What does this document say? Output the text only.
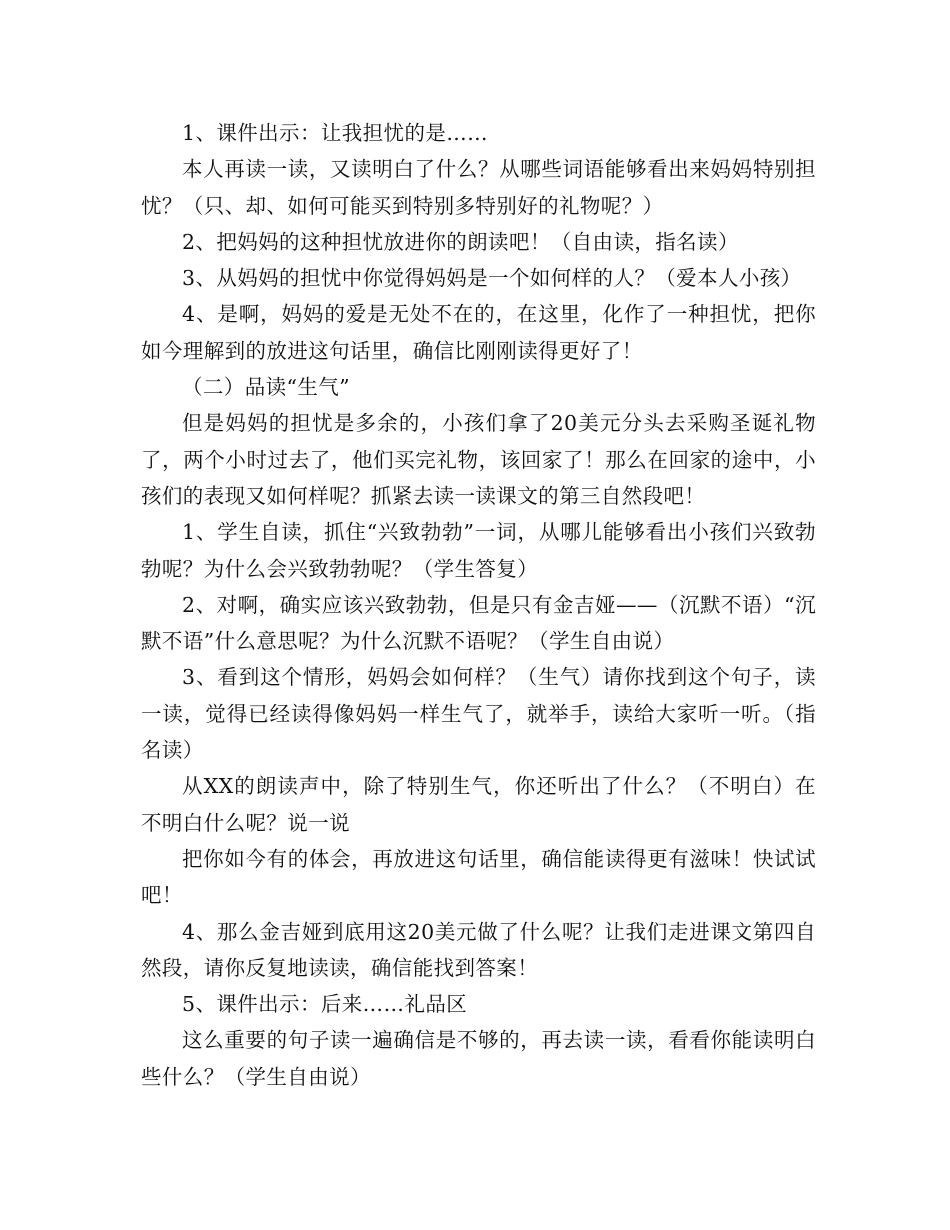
1、课件出示：让我担忧的是……

本人再读一读，又读明白了什么？从哪些词语能够看出来妈妈特别担忧？（只、却、如何可能买到特别多特别好的礼物呢？）

2、把妈妈的这种担忧放进你的朗读吧！（自由读，指名读）

3、从妈妈的担忧中你觉得妈妈是一个如何样的人？（爱本人小孩）

4、是啊，妈妈的爱是无处不在的，在这里，化作了一种担忧，把你如今理解到的放进这句话里，确信比刚刚读得更好了！

（二）品读“生气”

但是妈妈的担忧是多余的，小孩们拿了20美元分头去采购圣诞礼物了，两个小时过去了，他们买完礼物，该回家了！那么在回家的途中，小孩们的表现又如何样呢？抓紧去读一读课文的第三自然段吧！

1、学生自读，抓住“兴致勃勃”一词，从哪儿能够看出小孩们兴致勃勃呢？为什么会兴致勃勃呢？（学生答复）

2、对啊，确实应该兴致勃勃，但是只有金吉娅——（沉默不语）“沉默不语”什么意思呢？为什么沉默不语呢？（学生自由说）

3、看到这个情形，妈妈会如何样？（生气）请你找到这个句子，读一读，觉得已经读得像妈妈一样生气了，就举手，读给大家听一听。（指名读）

从XX的朗读声中，除了特别生气，你还听出了什么？（不明白）在不明白什么呢？说一说

把你如今有的体会，再放进这句话里，确信能读得更有滋味！快试试吧！

4、那么金吉娅到底用这20美元做了什么呢？让我们走进课文第四自然段，请你反复地读读，确信能找到答案！

5、课件出示：后来……礼品区

这么重要的句子读一遍确信是不够的，再去读一读，看看你能读明白些什么？（学生自由说）
